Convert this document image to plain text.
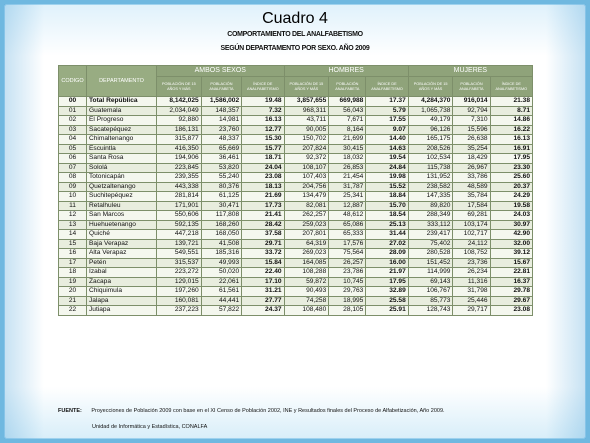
Cuadro 4
COMPORTAMIENTO DEL ANALFABETISMO
SEGÚN DEPARTAMENTO POR SEXO. AÑO 2009
CODIGO	DEPARTAMENTO	AMBOS SEXOS			HOMBRES			MUJERES		
		POBLACIÓN DE 15 AÑOS Y MÁS	POBLACIÓN ANALFABETA	ÍNDICE DE ANALFABETISMO	POBLACIÓN DE 15 AÑOS Y MÁS	POBLACIÓN ANALFABETA	ÍNDICE DE ANALFABETISMO	POBLACIÓN DE 15 AÑOS Y MÁS	POBLACIÓN ANALFABETA	ÍNDICE DE ANALFABETISMO
00	Total República	8,142,025	1,586,002	19.48	3,857,655	669,988	17.37	4,284,370	916,014	21.38
01	Guatemala	2,034,049	148,357	7.32	968,311	56,043	5.79	1,065,738	92,794	8.71
02	El Progreso	92,880	14,981	16.13	43,711	7,671	17.55	49,179	7,310	14.86
03	Sacatepéquez	186,131	23,760	12.77	90,005	8,164	9.07	96,126	15,596	16.22
04	Chimaltenango	315,877	48,337	15.30	150,702	21,699	14.40	165,175	26,638	16.13
05	Escuintla	416,350	65,669	15.77	207,824	30,415	14.63	208,526	35,254	16.91
06	Santa Rosa	194,906	36,461	18.71	92,372	18,032	19.54	102,534	18,429	17.95
07	Sololá	223,845	53,820	24.04	108,107	26,853	24.84	115,738	26,967	23.30
08	Totonicapán	239,355	55,240	23.08	107,403	21,454	19.98	131,952	33,786	25.60
09	Quetzaltenango	443,338	80,376	18.13	204,756	31,787	15.52	238,582	48,589	20.37
10	Suchitepéquez	281,814	61,125	21.69	134,479	25,341	18.84	147,335	35,784	24.29
11	Retalhuleu	171,901	30,471	17.73	82,081	12,887	15.70	89,820	17,584	19.58
12	San Marcos	550,606	117,808	21.41	262,257	48,612	18.54	288,349	69,281	24.03
13	Huehuetenango	592,135	168,260	28.42	259,023	65,086	25.13	333,112	103,174	30.97
14	Quiché	447,218	168,050	37.58	207,801	65,333	31.44	239,417	102,717	42.90
15	Baja Verapaz	139,721	41,508	29.71	64,319	17,576	27.02	75,402	24,112	32.00
16	Alta Verapaz	549,551	185,316	33.72	269,023	75,564	28.09	280,528	108,752	39.12
17	Petén	315,537	49,993	15.84	164,085	26,257	16.00	151,452	23,736	15.67
18	Izabal	223,272	50,020	22.40	108,288	23,786	21.97	114,999	26,234	22.81
19	Zacapa	129,015	22,061	17.10	59,872	10,745	17.95	69,143	11,316	16.37
20	Chiquimula	197,260	61,561	31.21	90,493	29,763	32.89	106,767	31,798	29.78
21	Jalapa	160,081	44,441	27.77	74,258	18,995	25.58	85,773	25,446	29.67
22	Jutiapa	237,223	57,822	24.37	108,480	28,105	25.91	128,743	29,717	23.08
FUENTE: Proyecciones de Población 2009 con base en el XI Censo de Población 2002, INE y Resultados finales del Proceso de Alfabetización, Año 2009.
Unidad de Informática y Estadística, CONALFA
